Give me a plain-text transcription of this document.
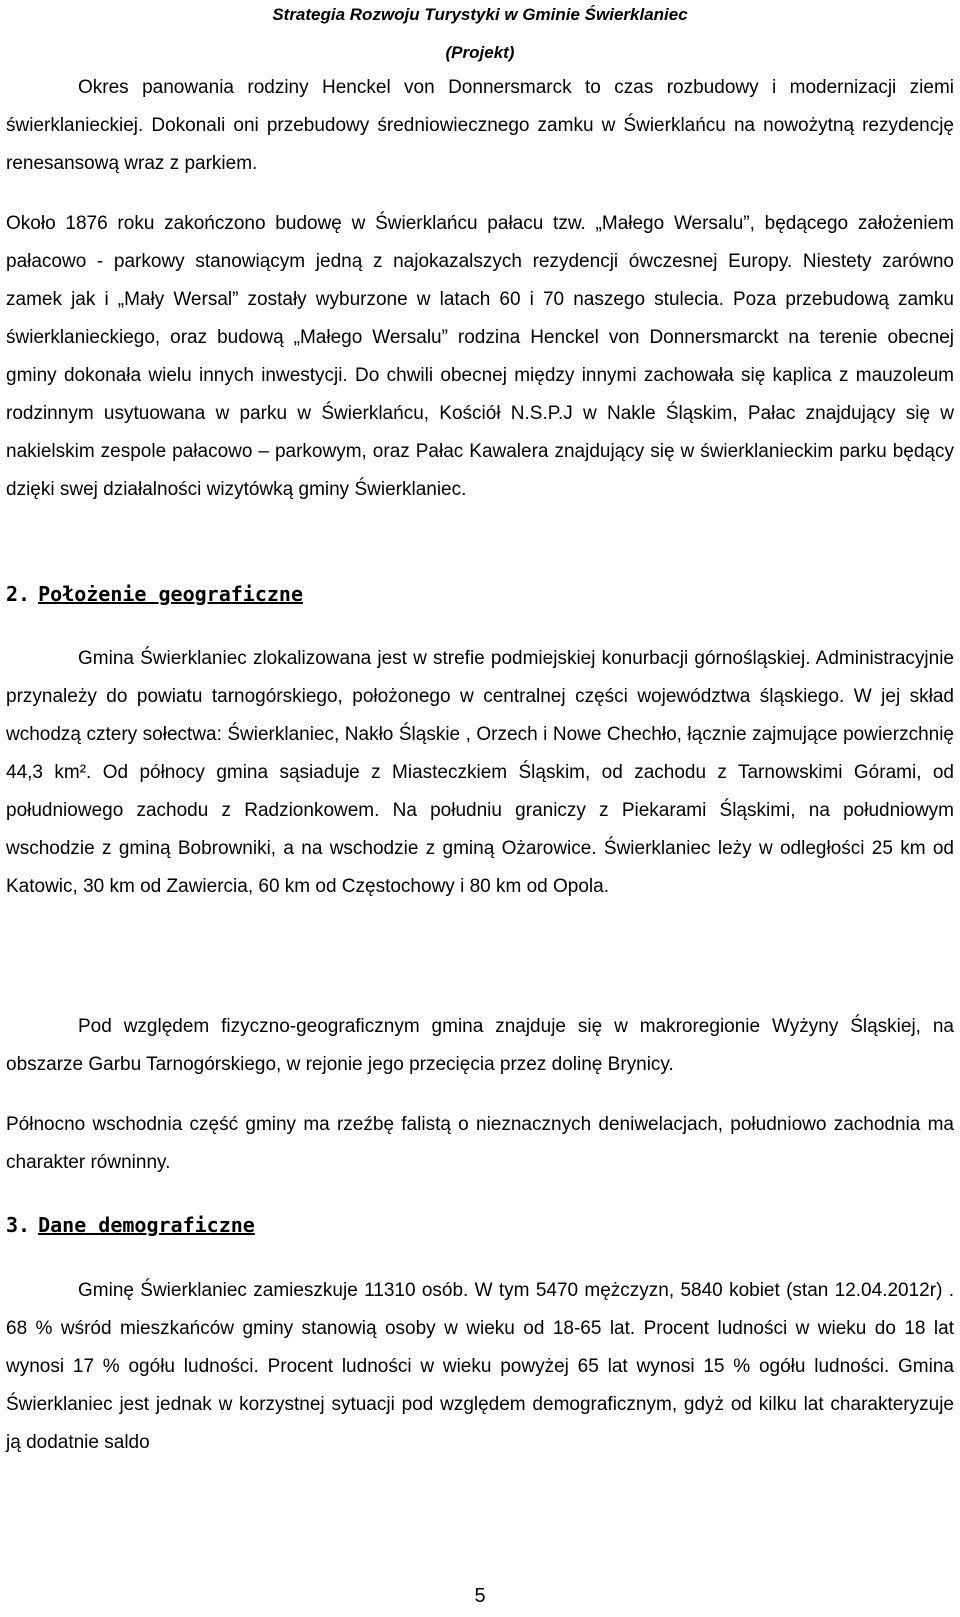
Strategia Rozwoju Turystyki w Gminie Świerklaniec
(Projekt)

Okres panowania rodziny Henckel von Donnersmarck to czas rozbudowy i modernizacji ziemi świerklanieckiej. Dokonali oni przebudowy średniowiecznego zamku w Świerklańcu na nowożytną rezydencję renesansową wraz z parkiem.

Około 1876 roku zakończono budowę w Świerklańcu pałacu tzw. „Małego Wersalu”, będącego założeniem pałacowo - parkowy stanowiącym jedną z najokazalszych rezydencji ówczesnej Europy. Niestety zarówno zamek jak i „Mały Wersal” zostały wyburzone w latach 60 i 70 naszego stulecia. Poza przebudową zamku świerklanieckiego, oraz budową „Małego Wersalu” rodzina Henckel von Donnersmarckt na terenie obecnej gminy dokonała wielu innych inwestycji. Do chwili obecnej między innymi zachowała się kaplica z mauzoleum rodzinnym usytuowana w parku w Świerklańcu, Kościół N.S.P.J w Nakle Śląskim, Pałac znajdujący się w nakielskim zespole pałacowo – parkowym, oraz Pałac Kawalera znajdujący się w świerklanieckim parku będący dzięki swej działalności wizytówką gminy Świerklaniec.

2. Położenie geograficzne

Gmina Świerklaniec zlokalizowana jest w strefie podmiejskiej konurbacji górnośląskiej. Administracyjnie przynależy do powiatu tarnogórskiego, położonego w centralnej części województwa śląskiego. W jej skład wchodzą cztery sołectwa: Świerklaniec, Nakło Śląskie , Orzech i Nowe Chechło, łącznie zajmujące powierzchnię 44,3 km². Od północy gmina sąsiaduje z Miasteczkiem Śląskim, od zachodu z Tarnowskimi Górami, od południowego zachodu z Radzionkowem. Na południu graniczy z Piekarami Śląskimi, na południowym wschodzie z gminą Bobrowniki, a na wschodzie z gminą Ożarowice. Świerklaniec leży w odległości 25 km od Katowic, 30 km od Zawiercia, 60 km od Częstochowy i 80 km od Opola.

Pod względem fizyczno-geograficznym gmina znajduje się w makroregionie Wyżyny Śląskiej, na obszarze Garbu Tarnogórskiego, w rejonie jego przecięcia przez dolinę Brynicy.

Północno wschodnia część gminy ma rzeźbę falistą o nieznacznych deniwelacjach, południowo zachodnia ma charakter równinny.

3. Dane demograficzne

Gminę Świerklaniec zamieszkuje 11310 osób. W tym 5470 mężczyzn, 5840 kobiet (stan 12.04.2012r) . 68 % wśród mieszkańców gminy stanowią osoby w wieku od 18-65 lat. Procent ludności w wieku do 18 lat wynosi 17 % ogółu ludności. Procent ludności w wieku powyżej 65 lat wynosi 15 % ogółu ludności. Gmina Świerklaniec jest jednak w korzystnej sytuacji pod względem demograficznym, gdyż od kilku lat charakteryzuje ją dodatnie saldo

5
